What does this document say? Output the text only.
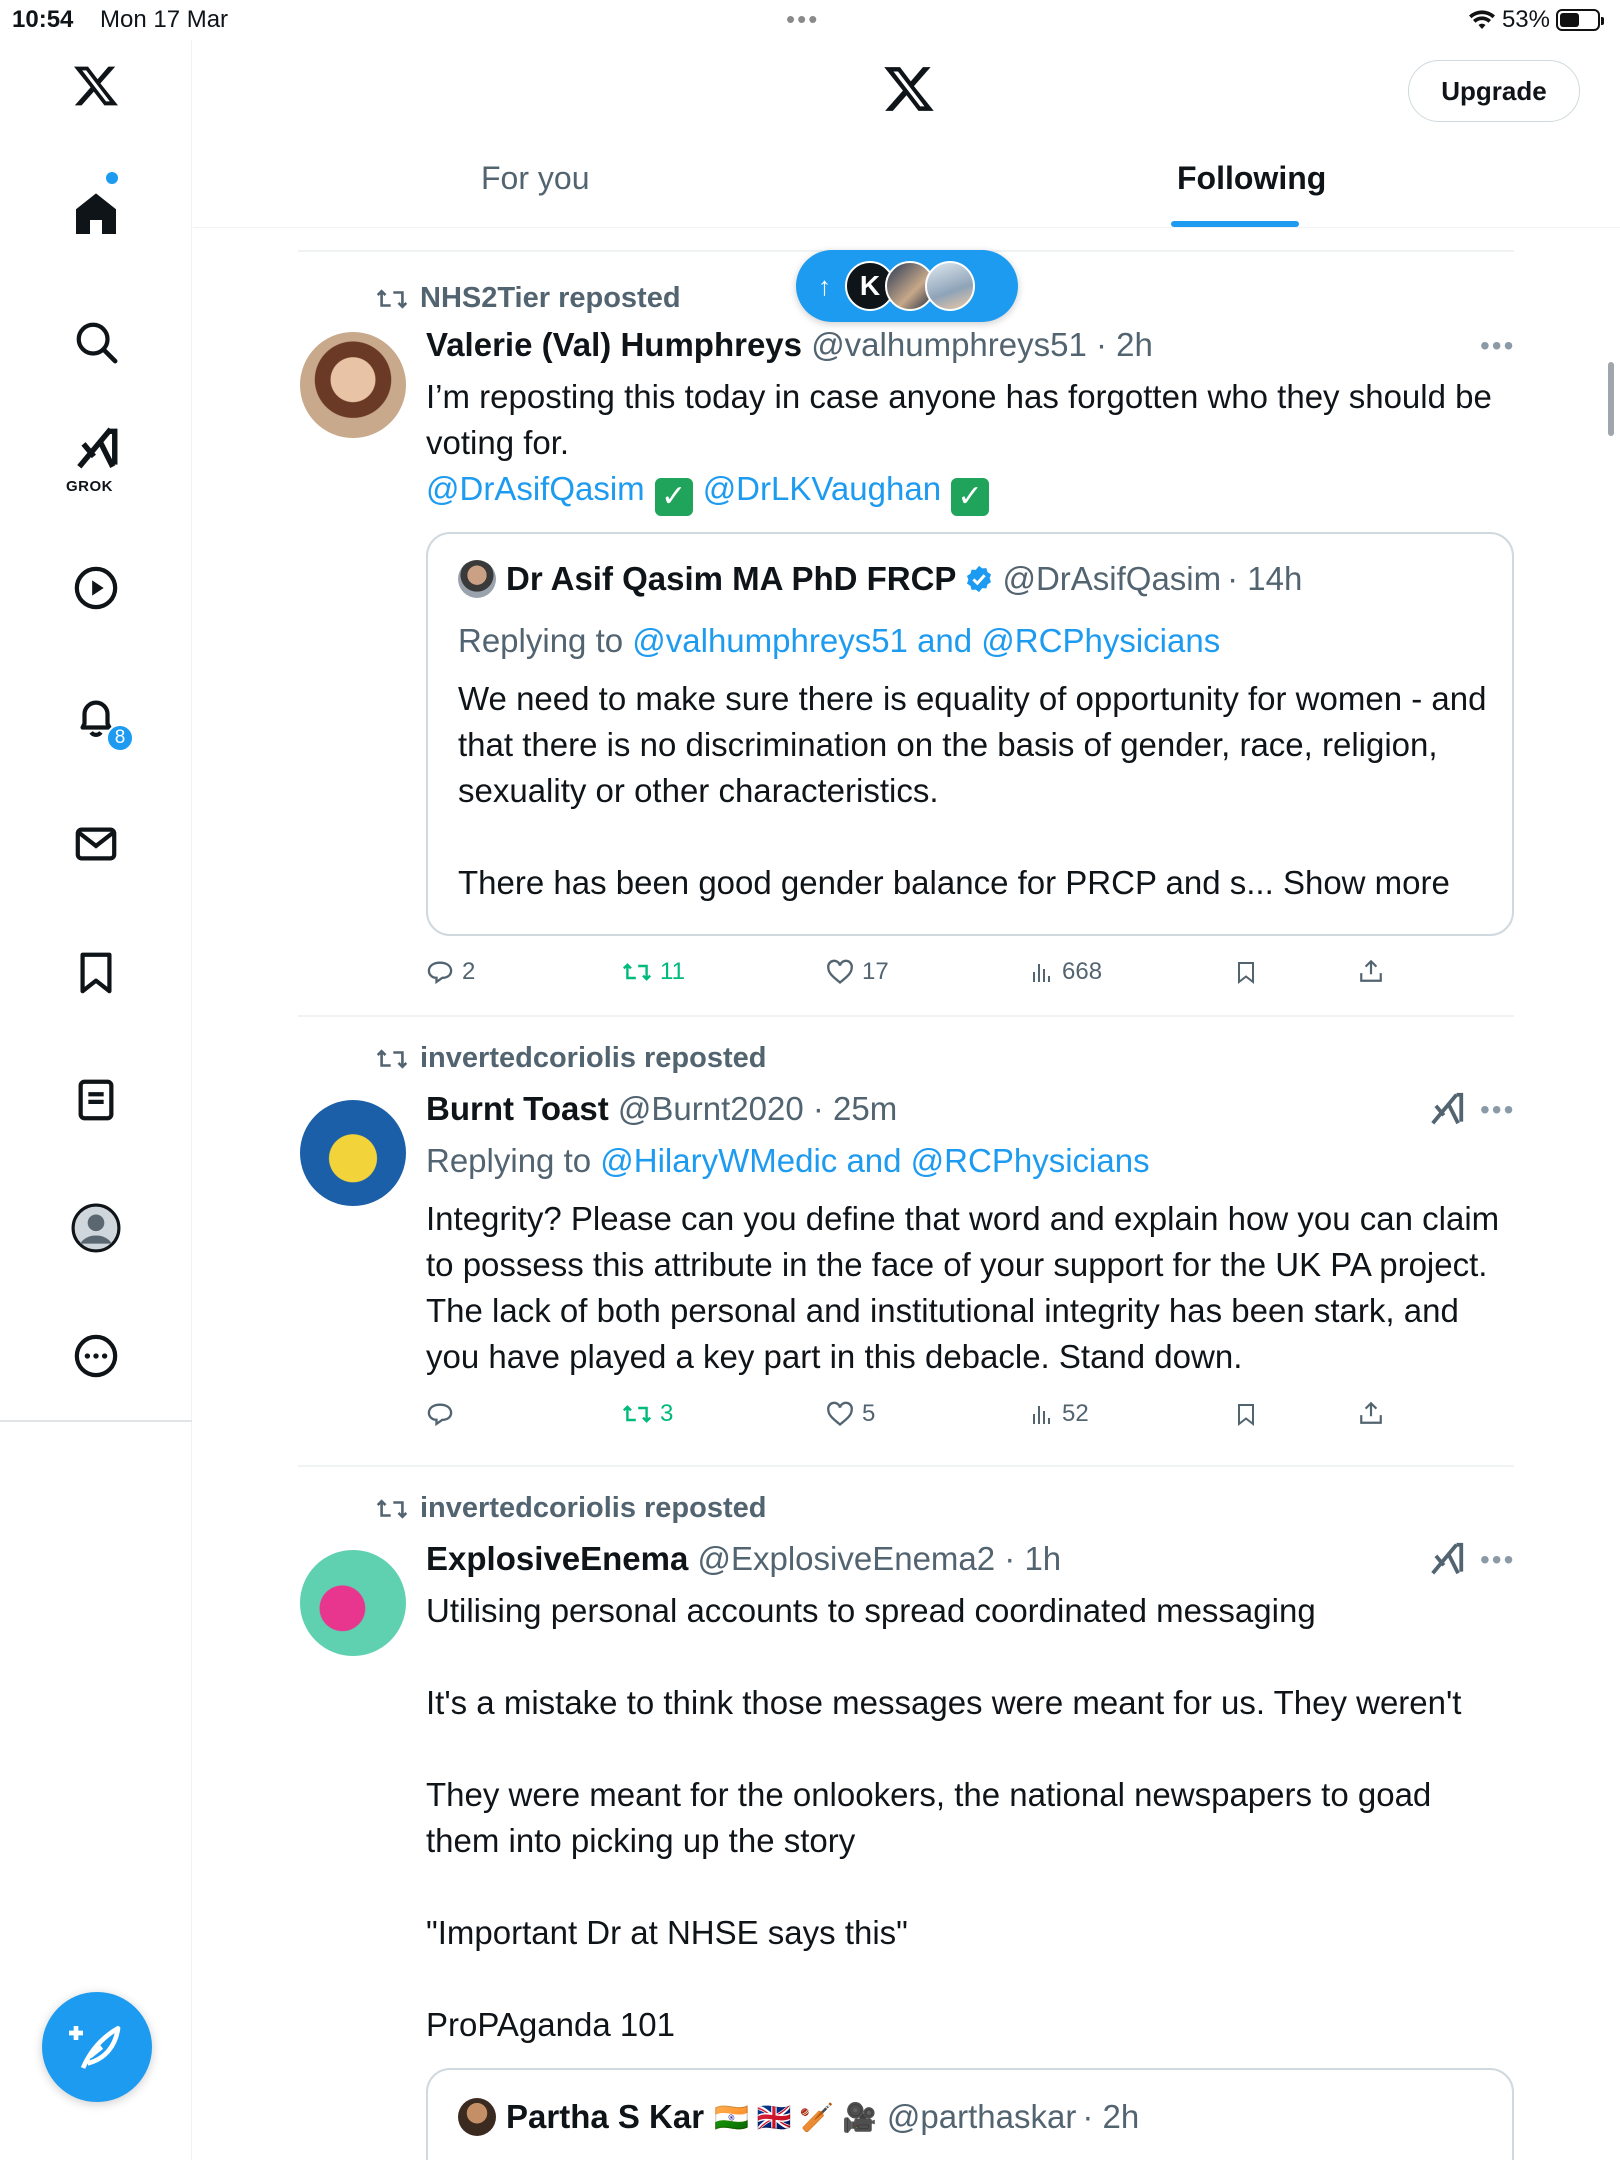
10:54 Mon 17 Mar	•••	53%
GROK
8
Upgrade
For you	Following
↑	K
NHS2Tier reposted
Valerie (Val) Humphreys @valhumphreys51 · 2h	•••
I’m reposting this today in case anyone has forgotten who they should be voting for.
@DrAsifQasim ✓ @DrLKVaughan ✓
Dr Asif Qasim MA PhD FRCP @DrAsifQasim · 14h
Replying to @valhumphreys51 and @RCPhysicians
We need to make sure there is equality of opportunity for women - and that there is no discrimination on the basis of gender, race, religion, sexuality or other characteristics.
There has been good gender balance for PRCP and s... Show more
2	11	17	668
invertedcoriolis reposted
Burnt Toast @Burnt2020 · 25m	•••
Replying to @HilaryWMedic and @RCPhysicians
Integrity? Please can you define that word and explain how you can claim to possess this attribute in the face of your support for the UK PA project. The lack of both personal and institutional integrity has been stark, and you have played a key part in this debacle. Stand down.
3	5	52
invertedcoriolis reposted
ExplosiveEnema @ExplosiveEnema2 · 1h	•••
Utilising personal accounts to spread coordinated messaging
It's a mistake to think those messages were meant for us. They weren't
They were meant for the onlookers, the national newspapers to goad them into picking up the story
"Important Dr at NHSE says this"
ProPAganda 101
Partha S Kar 🇮🇳 🇬🇧 🏏 🎥 @parthaskar · 2h
